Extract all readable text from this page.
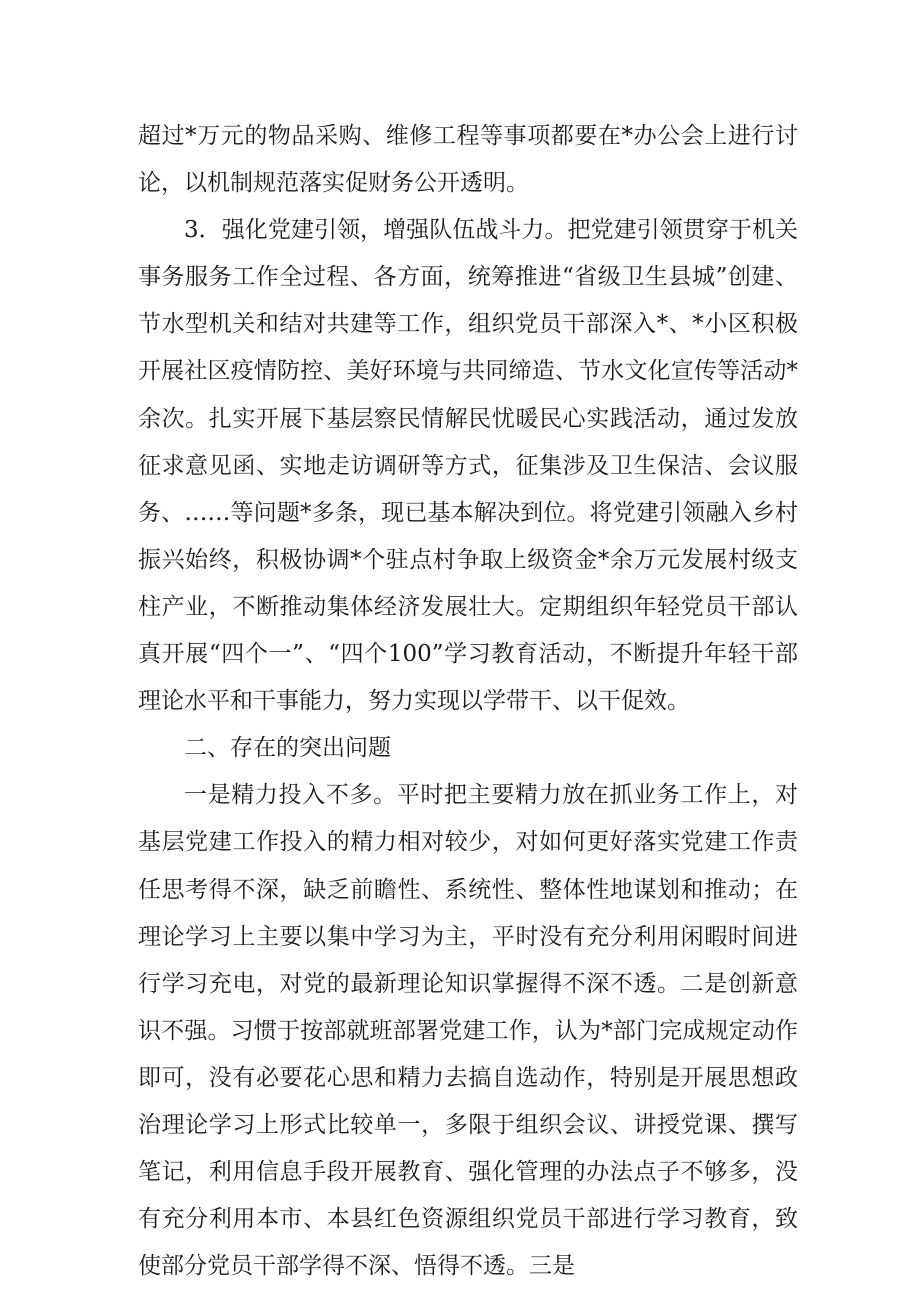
超过*万元的物品采购、维修工程等事项都要在*办公会上进行讨论，以机制规范落实促财务公开透明。

3．强化党建引领，增强队伍战斗力。把党建引领贯穿于机关事务服务工作全过程、各方面，统筹推进“省级卫生县城”创建、节水型机关和结对共建等工作，组织党员干部深入*、*小区积极开展社区疫情防控、美好环境与共同缔造、节水文化宣传等活动*余次。扎实开展下基层察民情解民忧暖民心实践活动，通过发放征求意见函、实地走访调研等方式，征集涉及卫生保洁、会议服务、……等问题*多条，现已基本解决到位。将党建引领融入乡村振兴始终，积极协调*个驻点村争取上级资金*余万元发展村级支柱产业，不断推动集体经济发展壮大。定期组织年轻党员干部认真开展“四个一”、“四个100”学习教育活动，不断提升年轻干部理论水平和干事能力，努力实现以学带干、以干促效。

二、存在的突出问题

一是精力投入不多。平时把主要精力放在抓业务工作上，对基层党建工作投入的精力相对较少，对如何更好落实党建工作责任思考得不深，缺乏前瞻性、系统性、整体性地谋划和推动；在理论学习上主要以集中学习为主，平时没有充分利用闲暇时间进行学习充电，对党的最新理论知识掌握得不深不透。二是创新意识不强。习惯于按部就班部署党建工作，认为*部门完成规定动作即可，没有必要花心思和精力去搞自选动作，特别是开展思想政治理论学习上形式比较单一，多限于组织会议、讲授党课、撰写笔记，利用信息手段开展教育、强化管理的办法点子不够多，没有充分利用本市、本县红色资源组织党员干部进行学习教育，致使部分党员干部学得不深、悟得不透。三是
